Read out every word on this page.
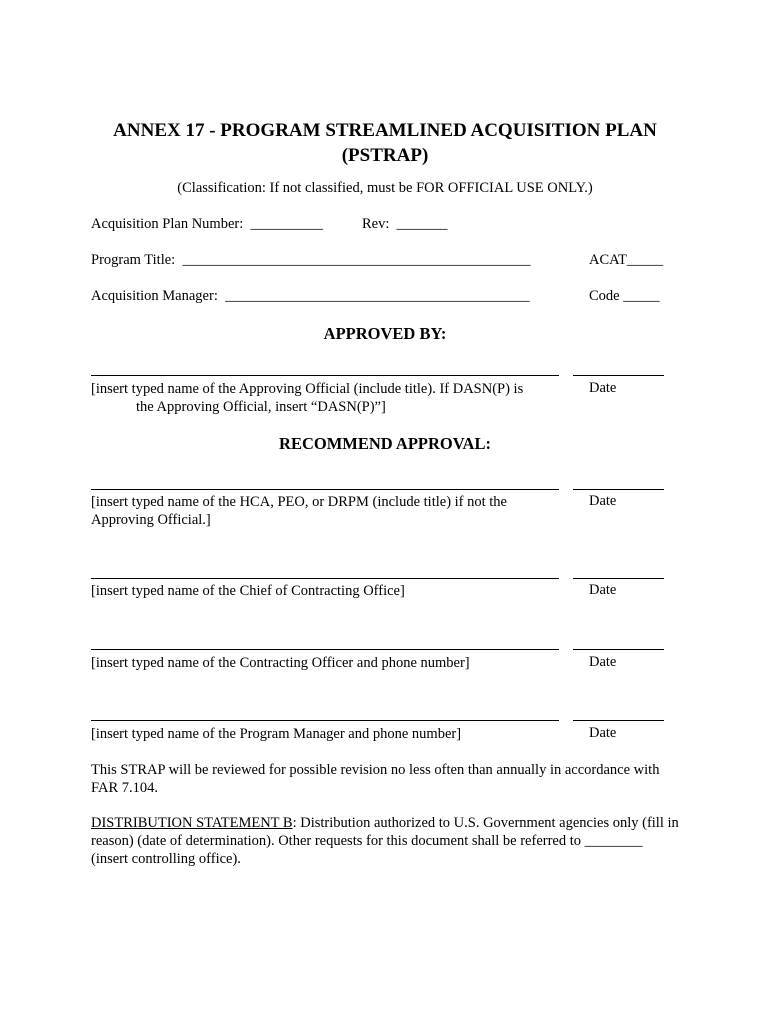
ANNEX 17 - PROGRAM STREAMLINED ACQUISITION PLAN
(PSTRAP)
(Classification: If not classified, must be FOR OFFICIAL USE ONLY.)
Acquisition Plan Number:  __________	Rev:  _______
Program Title:  ________________________________________________	ACAT_____
Acquisition Manager:  __________________________________________	Code _____
APPROVED BY:
[insert typed name of the Approving Official (include title). If DASN(P) is
the Approving Official, insert “DASN(P)”]
Date
RECOMMEND APPROVAL:
[insert typed name of the HCA, PEO, or DRPM (include title) if not the
Approving Official.]
Date
[insert typed name of the Chief of Contracting Office]	Date
[insert typed name of the Contracting Officer and phone number]	Date
[insert typed name of the Program Manager and phone number]	Date
This STRAP will be reviewed for possible revision no less often than annually in accordance with FAR 7.104.
DISTRIBUTION STATEMENT B: Distribution authorized to U.S. Government agencies only (fill in reason) (date of determination). Other requests for this document shall be referred to ________ (insert controlling office).
